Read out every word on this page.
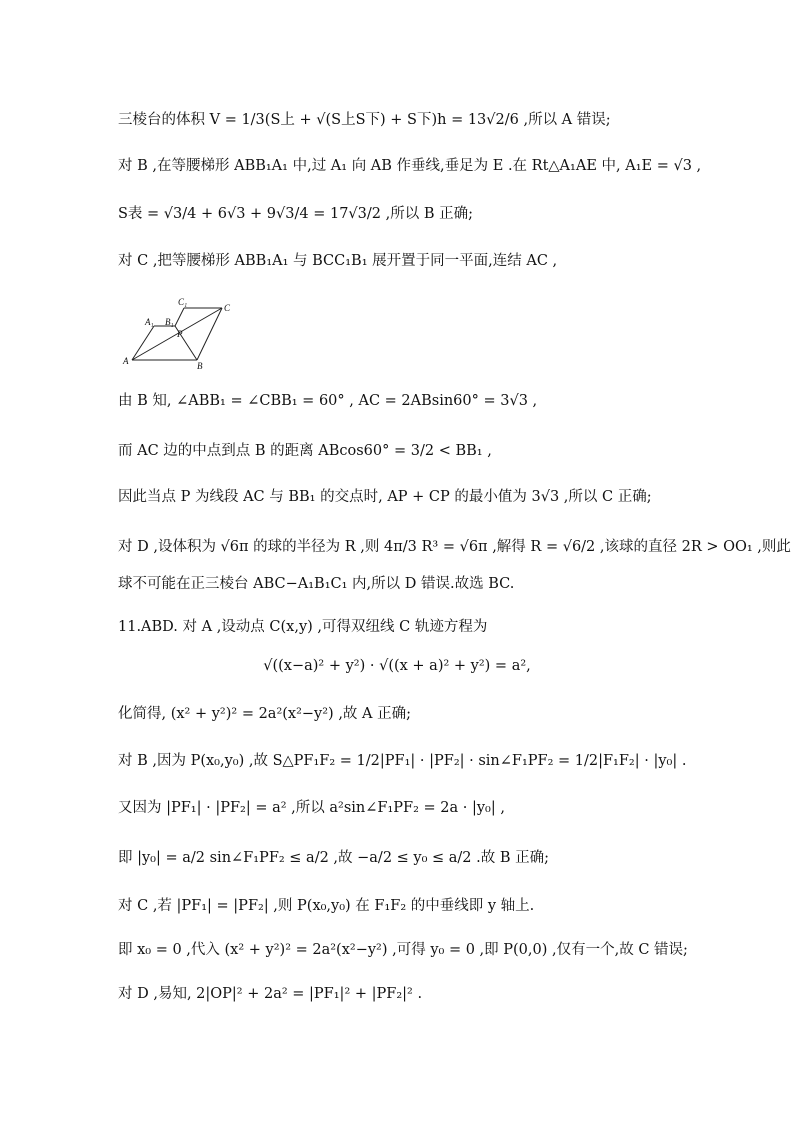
三棱台的体积 V = 1/3(S上 + √(S上S下) + S下)h = 13√2/6 ,所以 A 错误;
对 B ,在等腰梯形 ABB₁A₁ 中,过 A₁ 向 AB 作垂线,垂足为 E .在 Rt△A₁AE 中, A₁E = √3 ,
S表 = √3/4 + 6√3 + 9√3/4 = 17√3/2 ,所以 B 正确;
对 C ,把等腰梯形 ABB₁A₁ 与 BCC₁B₁ 展开置于同一平面,连结 AC ,
C₁
C
A₁ B₁
P
A	B
由 B 知, ∠ABB₁ = ∠CBB₁ = 60° , AC = 2ABsin60° = 3√3 ,
而 AC 边的中点到点 B 的距离 ABcos60° = 3/2 < BB₁ ,
因此当点 P 为线段 AC 与 BB₁ 的交点时, AP + CP 的最小值为 3√3 ,所以 C 正确;
对 D ,设体积为 √6π 的球的半径为 R ,则 4π/3 R³ = √6π ,解得 R = √6/2 ,该球的直径 2R > OO₁ ,则此
球不可能在正三棱台 ABC−A₁B₁C₁ 内,所以 D 错误.故选 BC.
11.ABD. 对 A ,设动点 C(x,y) ,可得双纽线 C 轨迹方程为
√((x−a)² + y²) · √((x + a)² + y²) = a²,
化简得, (x² + y²)² = 2a²(x²−y²) ,故 A 正确;
对 B ,因为 P(x₀,y₀) ,故 S△PF₁F₂ = 1/2|PF₁| · |PF₂| · sin∠F₁PF₂ = 1/2|F₁F₂| · |y₀| .
又因为 |PF₁| · |PF₂| = a² ,所以 a²sin∠F₁PF₂ = 2a · |y₀| ,
即 |y₀| = a/2 sin∠F₁PF₂ ≤ a/2 ,故 −a/2 ≤ y₀ ≤ a/2 .故 B 正确;
对 C ,若 |PF₁| = |PF₂| ,则 P(x₀,y₀) 在 F₁F₂ 的中垂线即 y 轴上.
即 x₀ = 0 ,代入 (x² + y²)² = 2a²(x²−y²) ,可得 y₀ = 0 ,即 P(0,0) ,仅有一个,故 C 错误;
对 D ,易知, 2|OP|² + 2a² = |PF₁|² + |PF₂|² .
